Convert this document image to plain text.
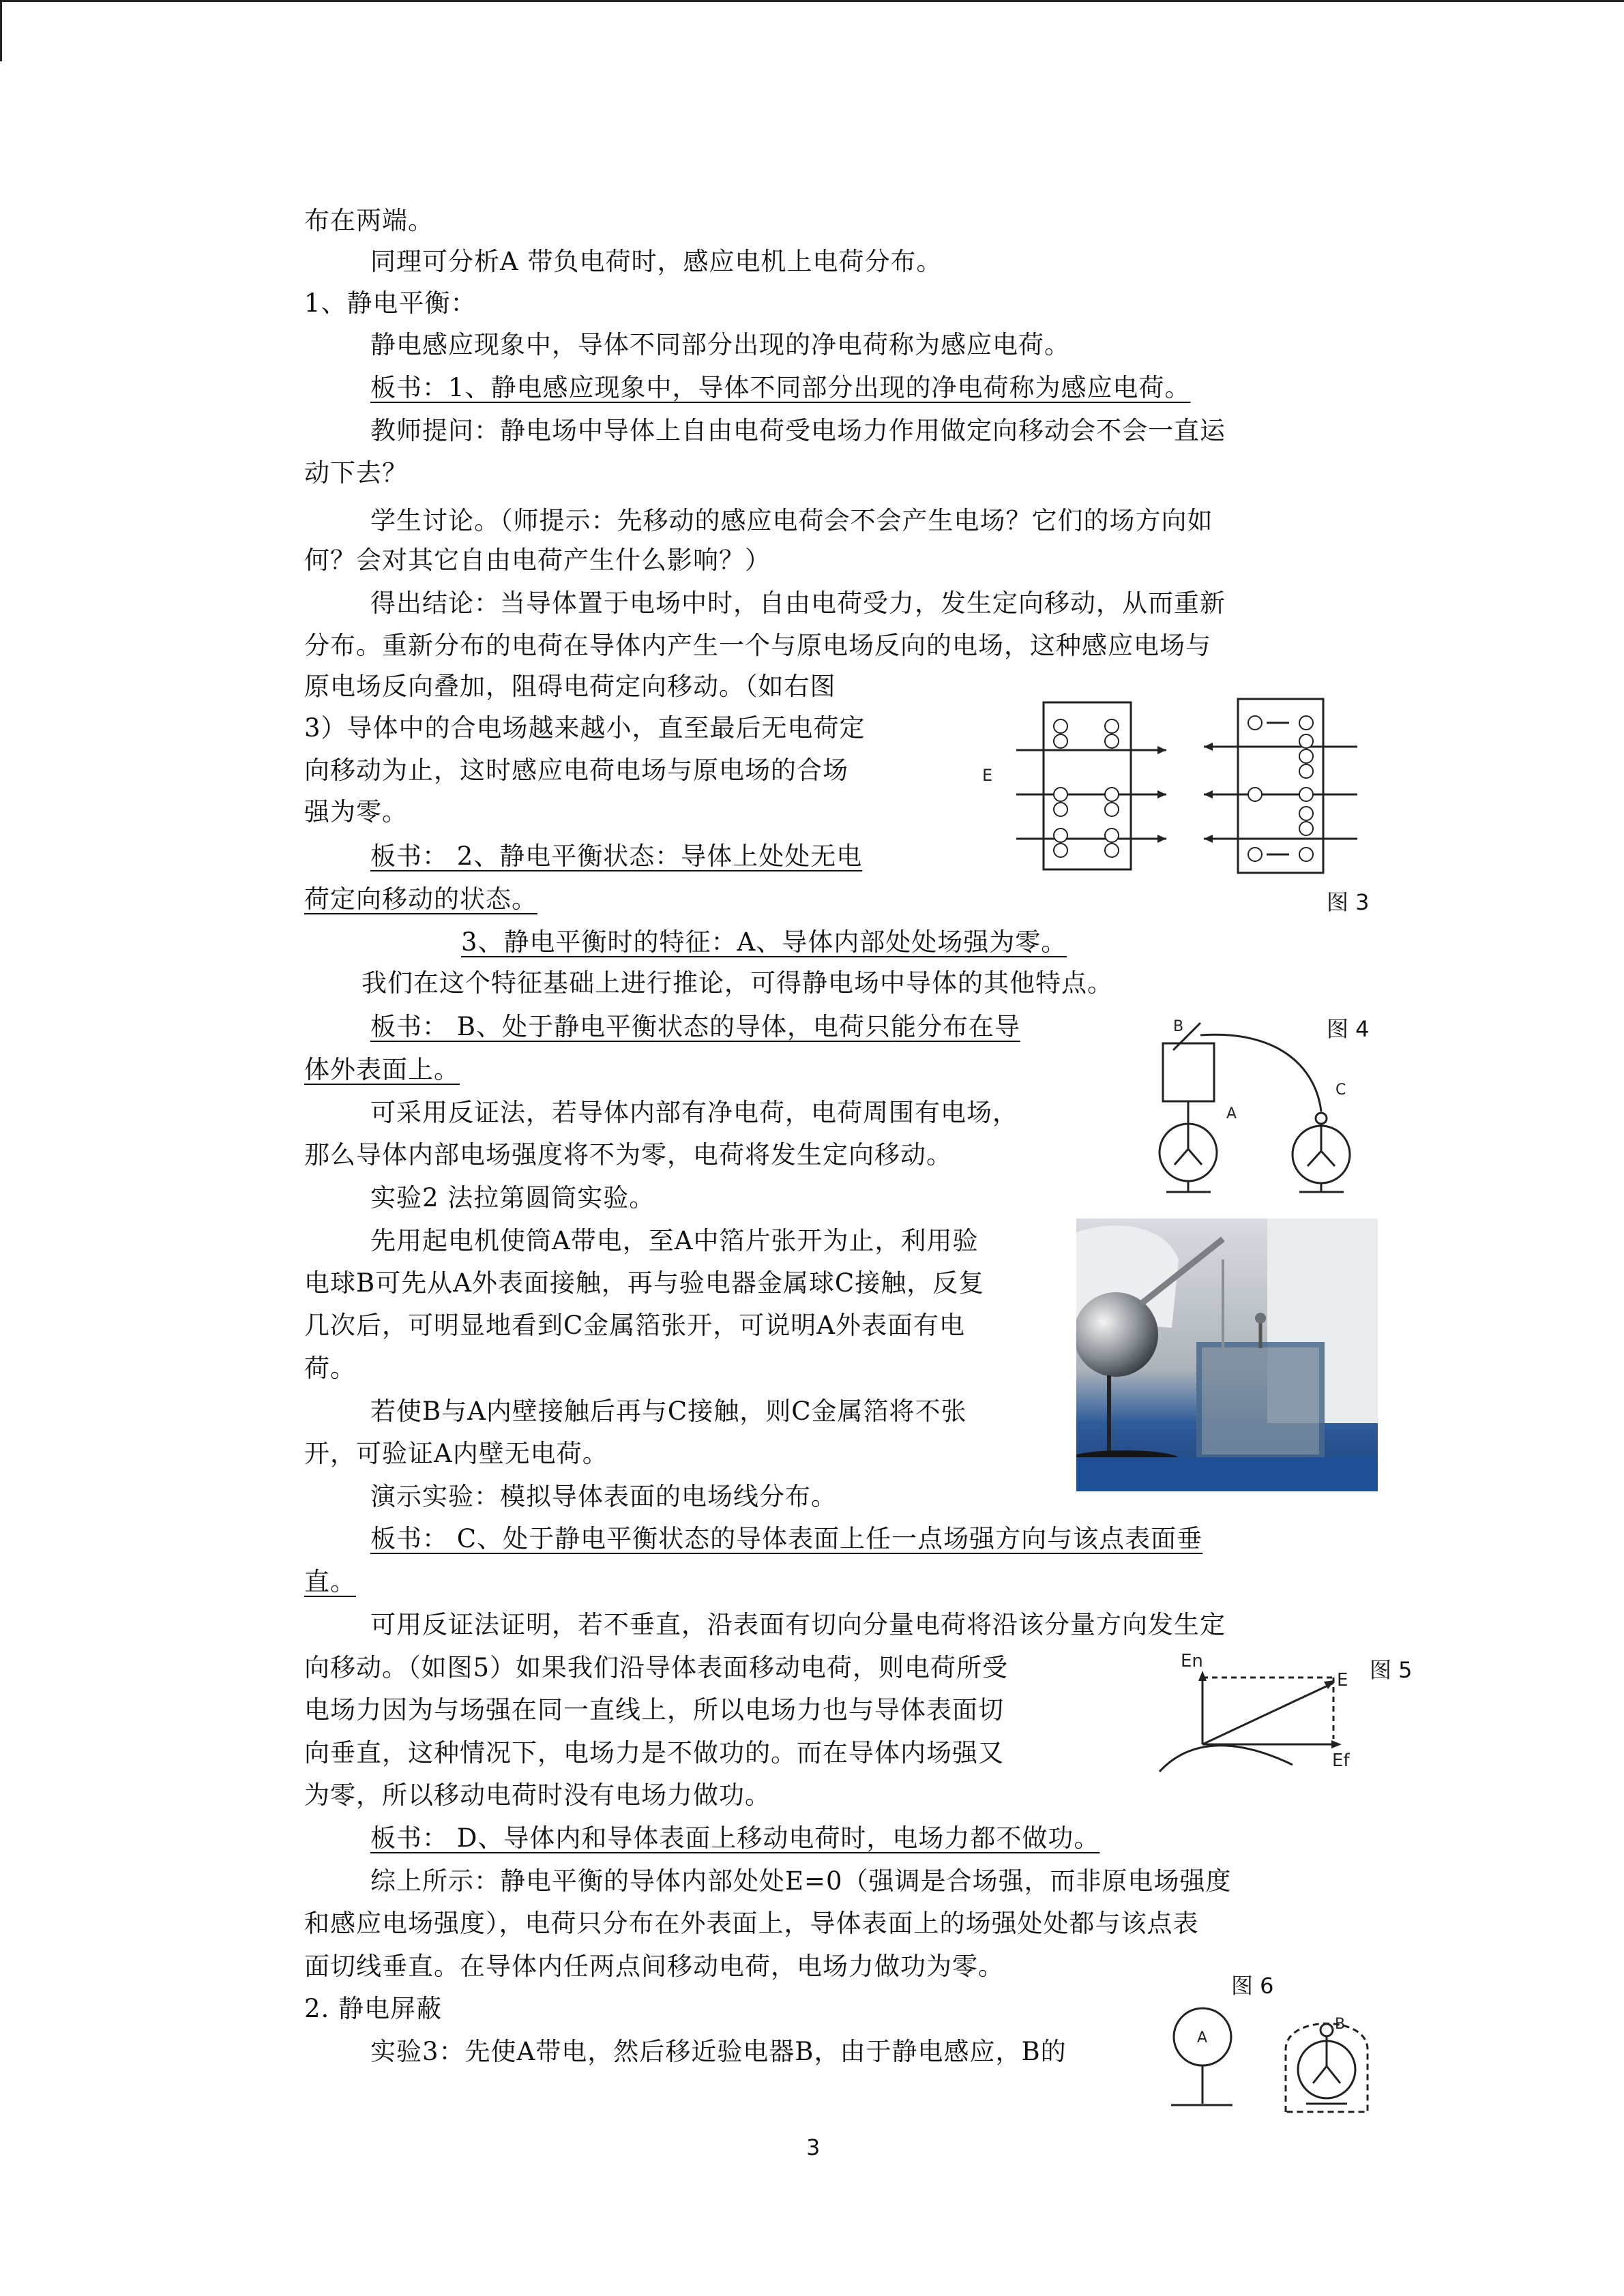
布在两端。
同理可分析A 带负电荷时，感应电机上电荷分布。
1、静电平衡：
静电感应现象中，导体不同部分出现的净电荷称为感应电荷。
板书：1、静电感应现象中，导体不同部分出现的净电荷称为感应电荷。
教师提问：静电场中导体上自由电荷受电场力作用做定向移动会不会一直运
动下去？
学生讨论。（师提示：先移动的感应电荷会不会产生电场？它们的场方向如
何？会对其它自由电荷产生什么影响？）
得出结论：当导体置于电场中时，自由电荷受力，发生定向移动，从而重新
分布。重新分布的电荷在导体内产生一个与原电场反向的电场，这种感应电场与
原电场反向叠加，阻碍电荷定向移动。（如右图
3）导体中的合电场越来越小，直至最后无电荷定
向移动为止，这时感应电荷电场与原电场的合场
强为零。
板书： 2、静电平衡状态：导体上处处无电
荷定向移动的状态。
3、静电平衡时的特征：A、导体内部处处场强为零。
我们在这个特征基础上进行推论，可得静电场中导体的其他特点。
板书： B、处于静电平衡状态的导体，电荷只能分布在导
体外表面上。
可采用反证法，若导体内部有净电荷，电荷周围有电场，
那么导体内部电场强度将不为零，电荷将发生定向移动。
实验2 法拉第圆筒实验。
先用起电机使筒A带电，至A中箔片张开为止，利用验
电球B可先从A外表面接触，再与验电器金属球C接触，反复
几次后，可明显地看到C金属箔张开，可说明A外表面有电
荷。
若使B与A内壁接触后再与C接触，则C金属箔将不张
开，可验证A内壁无电荷。
演示实验：模拟导体表面的电场线分布。
板书： C、处于静电平衡状态的导体表面上任一点场强方向与该点表面垂
直。
可用反证法证明，若不垂直，沿表面有切向分量电荷将沿该分量方向发生定
向移动。（如图5）如果我们沿导体表面移动电荷，则电荷所受
电场力因为与场强在同一直线上，所以电场力也与导体表面切
向垂直，这种情况下，电场力是不做功的。而在导体内场强又
为零，所以移动电荷时没有电场力做功。
板书： D、导体内和导体表面上移动电荷时，电场力都不做功。
综上所示：静电平衡的导体内部处处E=0（强调是合场强，而非原电场强度
和感应电场强度），电荷只分布在外表面上，导体表面上的场强处处都与该点表
面切线垂直。在导体内任两点间移动电荷，电场力做功为零。
2. 静电屏蔽
实验3：先使A带电，然后移近验电器B，由于静电感应，B的
E
图 3
图 4
B
A
C
En
E
Ef
图 5
图 6
A
B
3
